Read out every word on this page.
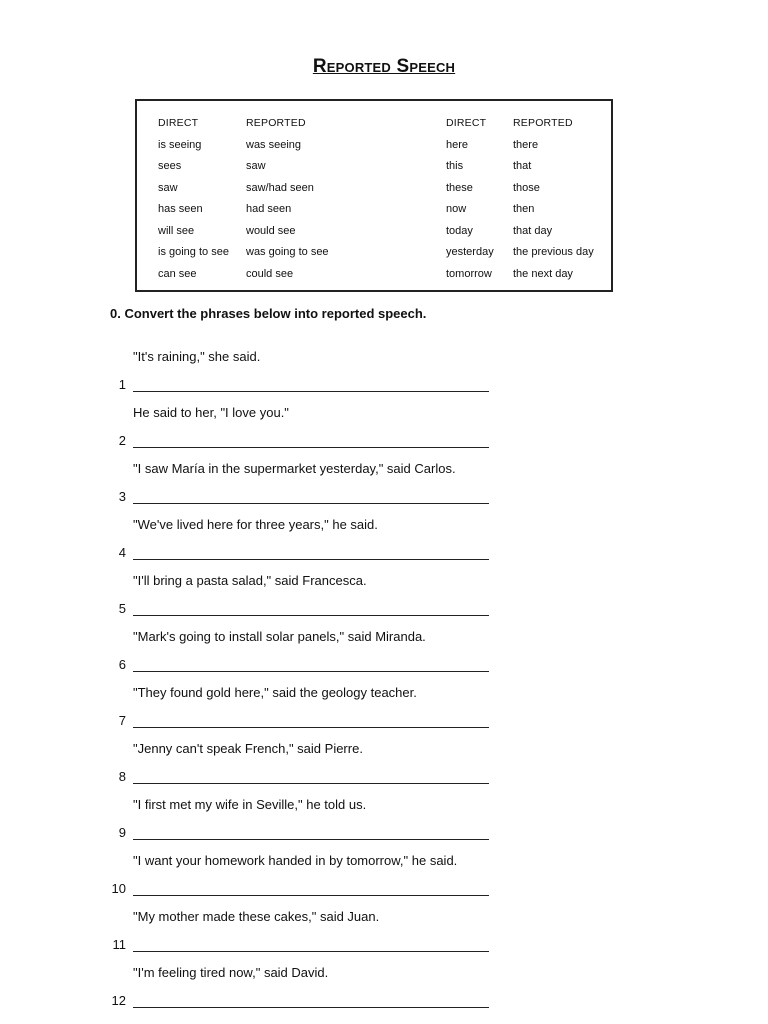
Reported Speech
DIRECT
is seeing
sees
saw
has seen
will see
is going to see
can see
REPORTED
was seeing
saw
saw/had seen
had seen
would see
was going to see
could see
DIRECT
here
this
these
now
today
yesterday
tomorrow
REPORTED
there
that
those
then
that day
the previous day
the next day
0. Convert the phrases below into reported speech.
"It's raining," she said.
1
He said to her, "I love you."
2
"I saw María in the supermarket yesterday," said Carlos.
3
"We've lived here for three years," he said.
4
"I'll bring a pasta salad," said Francesca.
5
"Mark's going to install solar panels," said Miranda.
6
"They found gold here," said the geology teacher.
7
"Jenny can't speak French," said Pierre.
8
"I first met my wife in Seville," he told us.
9
"I want your homework handed in by tomorrow," he said.
10
"My mother made these cakes," said Juan.
11
"I'm feeling tired now," said David.
12
